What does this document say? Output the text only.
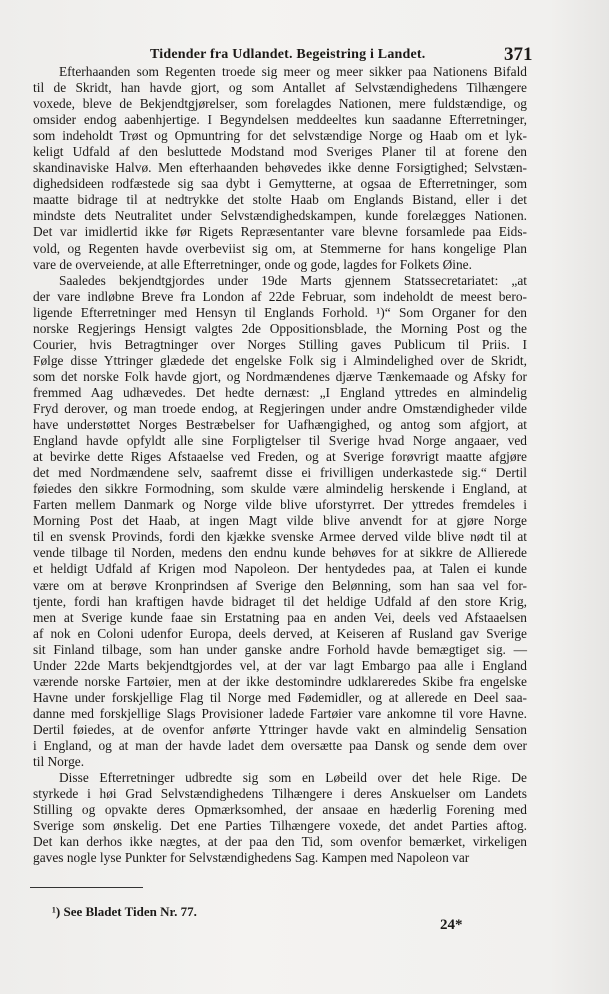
Tidender fra Udlandet. Begeistring i Landet.	371
Efterhaanden som Regenten troede sig meer og meer sikker paa Nationens Bifald
til de Skridt, han havde gjort, og som Antallet af Selvstændighedens Tilhængere
voxede, bleve de Bekjendtgjørelser, som forelagdes Nationen, mere fuldstændige, og
omsider endog aabenhjertige. I Begyndelsen meddeeltes kun saadanne Efterretninger,
som indeholdt Trøst og Opmuntring for det selvstændige Norge og Haab om et lyk-
keligt Udfald af den besluttede Modstand mod Sveriges Planer til at forene den
skandinaviske Halvø. Men efterhaanden behøvedes ikke denne Forsigtighed; Selvstæn-
dighedsideen rodfæstede sig saa dybt i Gemytterne, at ogsaa de Efterretninger, som
maatte bidrage til at nedtrykke det stolte Haab om Englands Bistand, eller i det
mindste dets Neutralitet under Selvstændighedskampen, kunde forelægges Nationen.
Det var imidlertid ikke før Rigets Repræsentanter vare blevne forsamlede paa Eids-
vold, og Regenten havde overbeviist sig om, at Stemmerne for hans kongelige Plan
vare de overveiende, at alle Efterretninger, onde og gode, lagdes for Folkets Øine.
Saaledes bekjendtgjordes under 19de Marts gjennem Statssecretariatet: „at
der vare indløbne Breve fra London af 22de Februar, som indeholdt de meest bero-
ligende Efterretninger med Hensyn til Englands Forhold. ¹)“ Som Organer for den
norske Regjerings Hensigt valgtes 2de Oppositionsblade, the Morning Post og the
Courier, hvis Betragtninger over Norges Stilling gaves Publicum til Priis. I
Følge disse Yttringer glædede det engelske Folk sig i Almindelighed over de Skridt,
som det norske Folk havde gjort, og Nordmændenes djærve Tænkemaade og Afsky for
fremmed Aag udhævedes. Det hedte dernæst: „I England yttredes en almindelig
Fryd derover, og man troede endog, at Regjeringen under andre Omstændigheder vilde
have understøttet Norges Bestræbelser for Uafhængighed, og antog som afgjort, at
England havde opfyldt alle sine Forpligtelser til Sverige hvad Norge angaaer, ved
at bevirke dette Riges Afstaaelse ved Freden, og at Sverige forøvrigt maatte afgjøre
det med Nordmændene selv, saafremt disse ei frivilligen underkastede sig.“ Dertil
føiedes den sikkre Formodning, som skulde være almindelig herskende i England, at
Farten mellem Danmark og Norge vilde blive uforstyrret. Der yttredes fremdeles i
Morning Post det Haab, at ingen Magt vilde blive anvendt for at gjøre Norge
til en svensk Provinds, fordi den kjække svenske Armee derved vilde blive nødt til at
vende tilbage til Norden, medens den endnu kunde behøves for at sikkre de Allierede
et heldigt Udfald af Krigen mod Napoleon. Der hentydedes paa, at Talen ei kunde
være om at berøve Kronprindsen af Sverige den Belønning, som han saa vel for-
tjente, fordi han kraftigen havde bidraget til det heldige Udfald af den store Krig,
men at Sverige kunde faae sin Erstatning paa en anden Vei, deels ved Afstaaelsen
af nok en Coloni udenfor Europa, deels derved, at Keiseren af Rusland gav Sverige
sit Finland tilbage, som han under ganske andre Forhold havde bemægtiget sig. —
Under 22de Marts bekjendtgjordes vel, at der var lagt Embargo paa alle i England
værende norske Fartøier, men at der ikke destomindre udklareredes Skibe fra engelske
Havne under forskjellige Flag til Norge med Fødemidler, og at allerede en Deel saa-
danne med forskjellige Slags Provisioner ladede Fartøier vare ankomne til vore Havne.
Dertil føiedes, at de ovenfor anførte Yttringer havde vakt en almindelig Sensation
i England, og at man der havde ladet dem oversætte paa Dansk og sende dem over
til Norge.
Disse Efterretninger udbredte sig som en Løbeild over det hele Rige. De
styrkede i høi Grad Selvstændighedens Tilhængere i deres Anskuelser om Landets
Stilling og opvakte deres Opmærksomhed, der ansaae en hæderlig Forening med
Sverige som ønskelig. Det ene Parties Tilhængere voxede, det andet Parties aftog.
Det kan derhos ikke nægtes, at der paa den Tid, som ovenfor bemærket, virkeligen
gaves nogle lyse Punkter for Selvstændighedens Sag. Kampen med Napoleon var
¹) See Bladet Tiden Nr. 77.
24*
